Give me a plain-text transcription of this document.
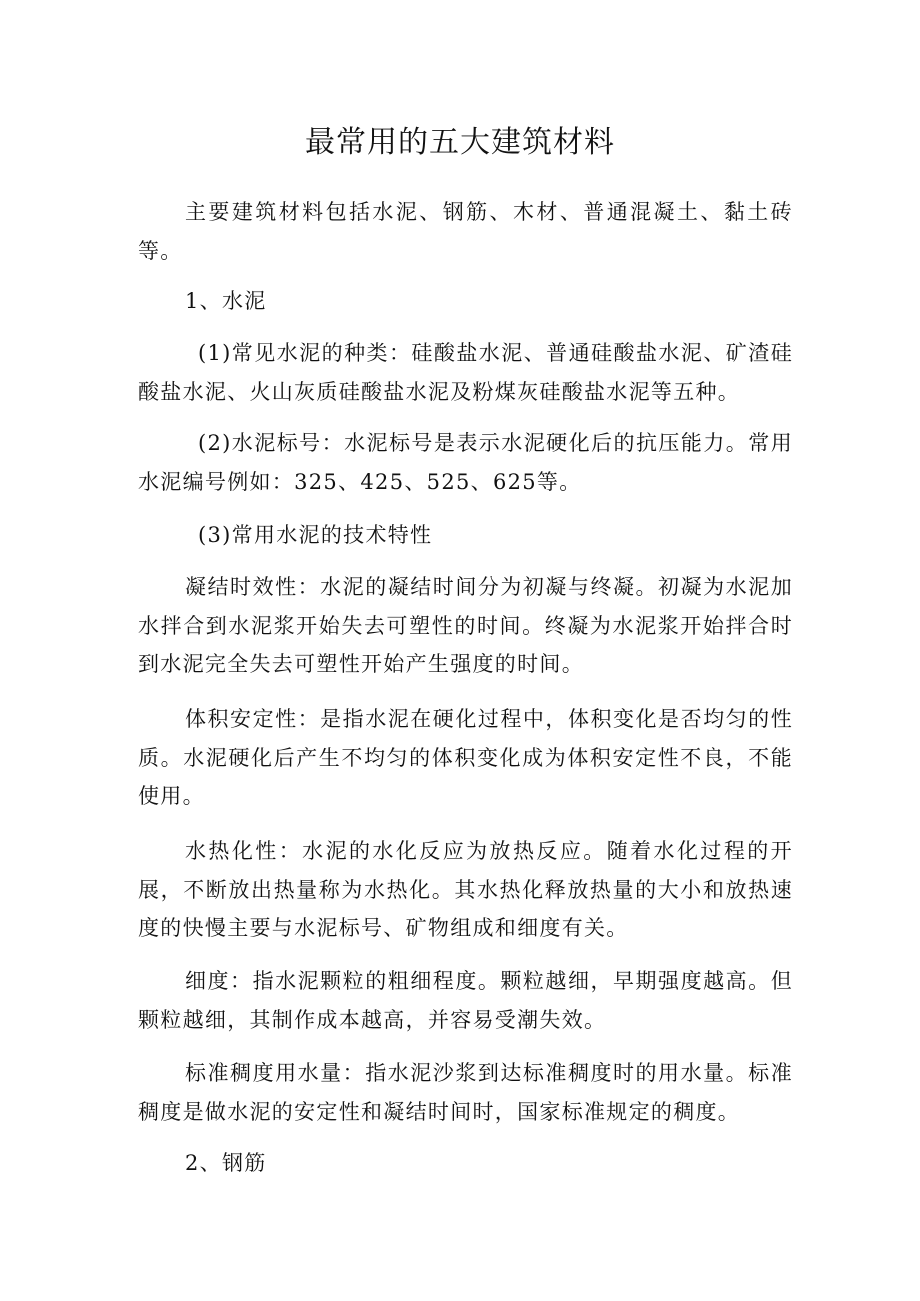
最常用的五大建筑材料

主要建筑材料包括水泥、钢筋、木材、普通混凝土、黏土砖等。

1、水泥

(1)常见水泥的种类：硅酸盐水泥、普通硅酸盐水泥、矿渣硅酸盐水泥、火山灰质硅酸盐水泥及粉煤灰硅酸盐水泥等五种。

(2)水泥标号：水泥标号是表示水泥硬化后的抗压能力。常用水泥编号例如：325、425、525、625等。

(3)常用水泥的技术特性

凝结时效性：水泥的凝结时间分为初凝与终凝。初凝为水泥加水拌合到水泥浆开始失去可塑性的时间。终凝为水泥浆开始拌合时到水泥完全失去可塑性开始产生强度的时间。

体积安定性：是指水泥在硬化过程中，体积变化是否均匀的性质。水泥硬化后产生不均匀的体积变化成为体积安定性不良，不能使用。

水热化性：水泥的水化反应为放热反应。随着水化过程的开展，不断放出热量称为水热化。其水热化释放热量的大小和放热速度的快慢主要与水泥标号、矿物组成和细度有关。

细度：指水泥颗粒的粗细程度。颗粒越细，早期强度越高。但颗粒越细，其制作成本越高，并容易受潮失效。

标准稠度用水量：指水泥沙浆到达标准稠度时的用水量。标准稠度是做水泥的安定性和凝结时间时，国家标准规定的稠度。

2、钢筋
